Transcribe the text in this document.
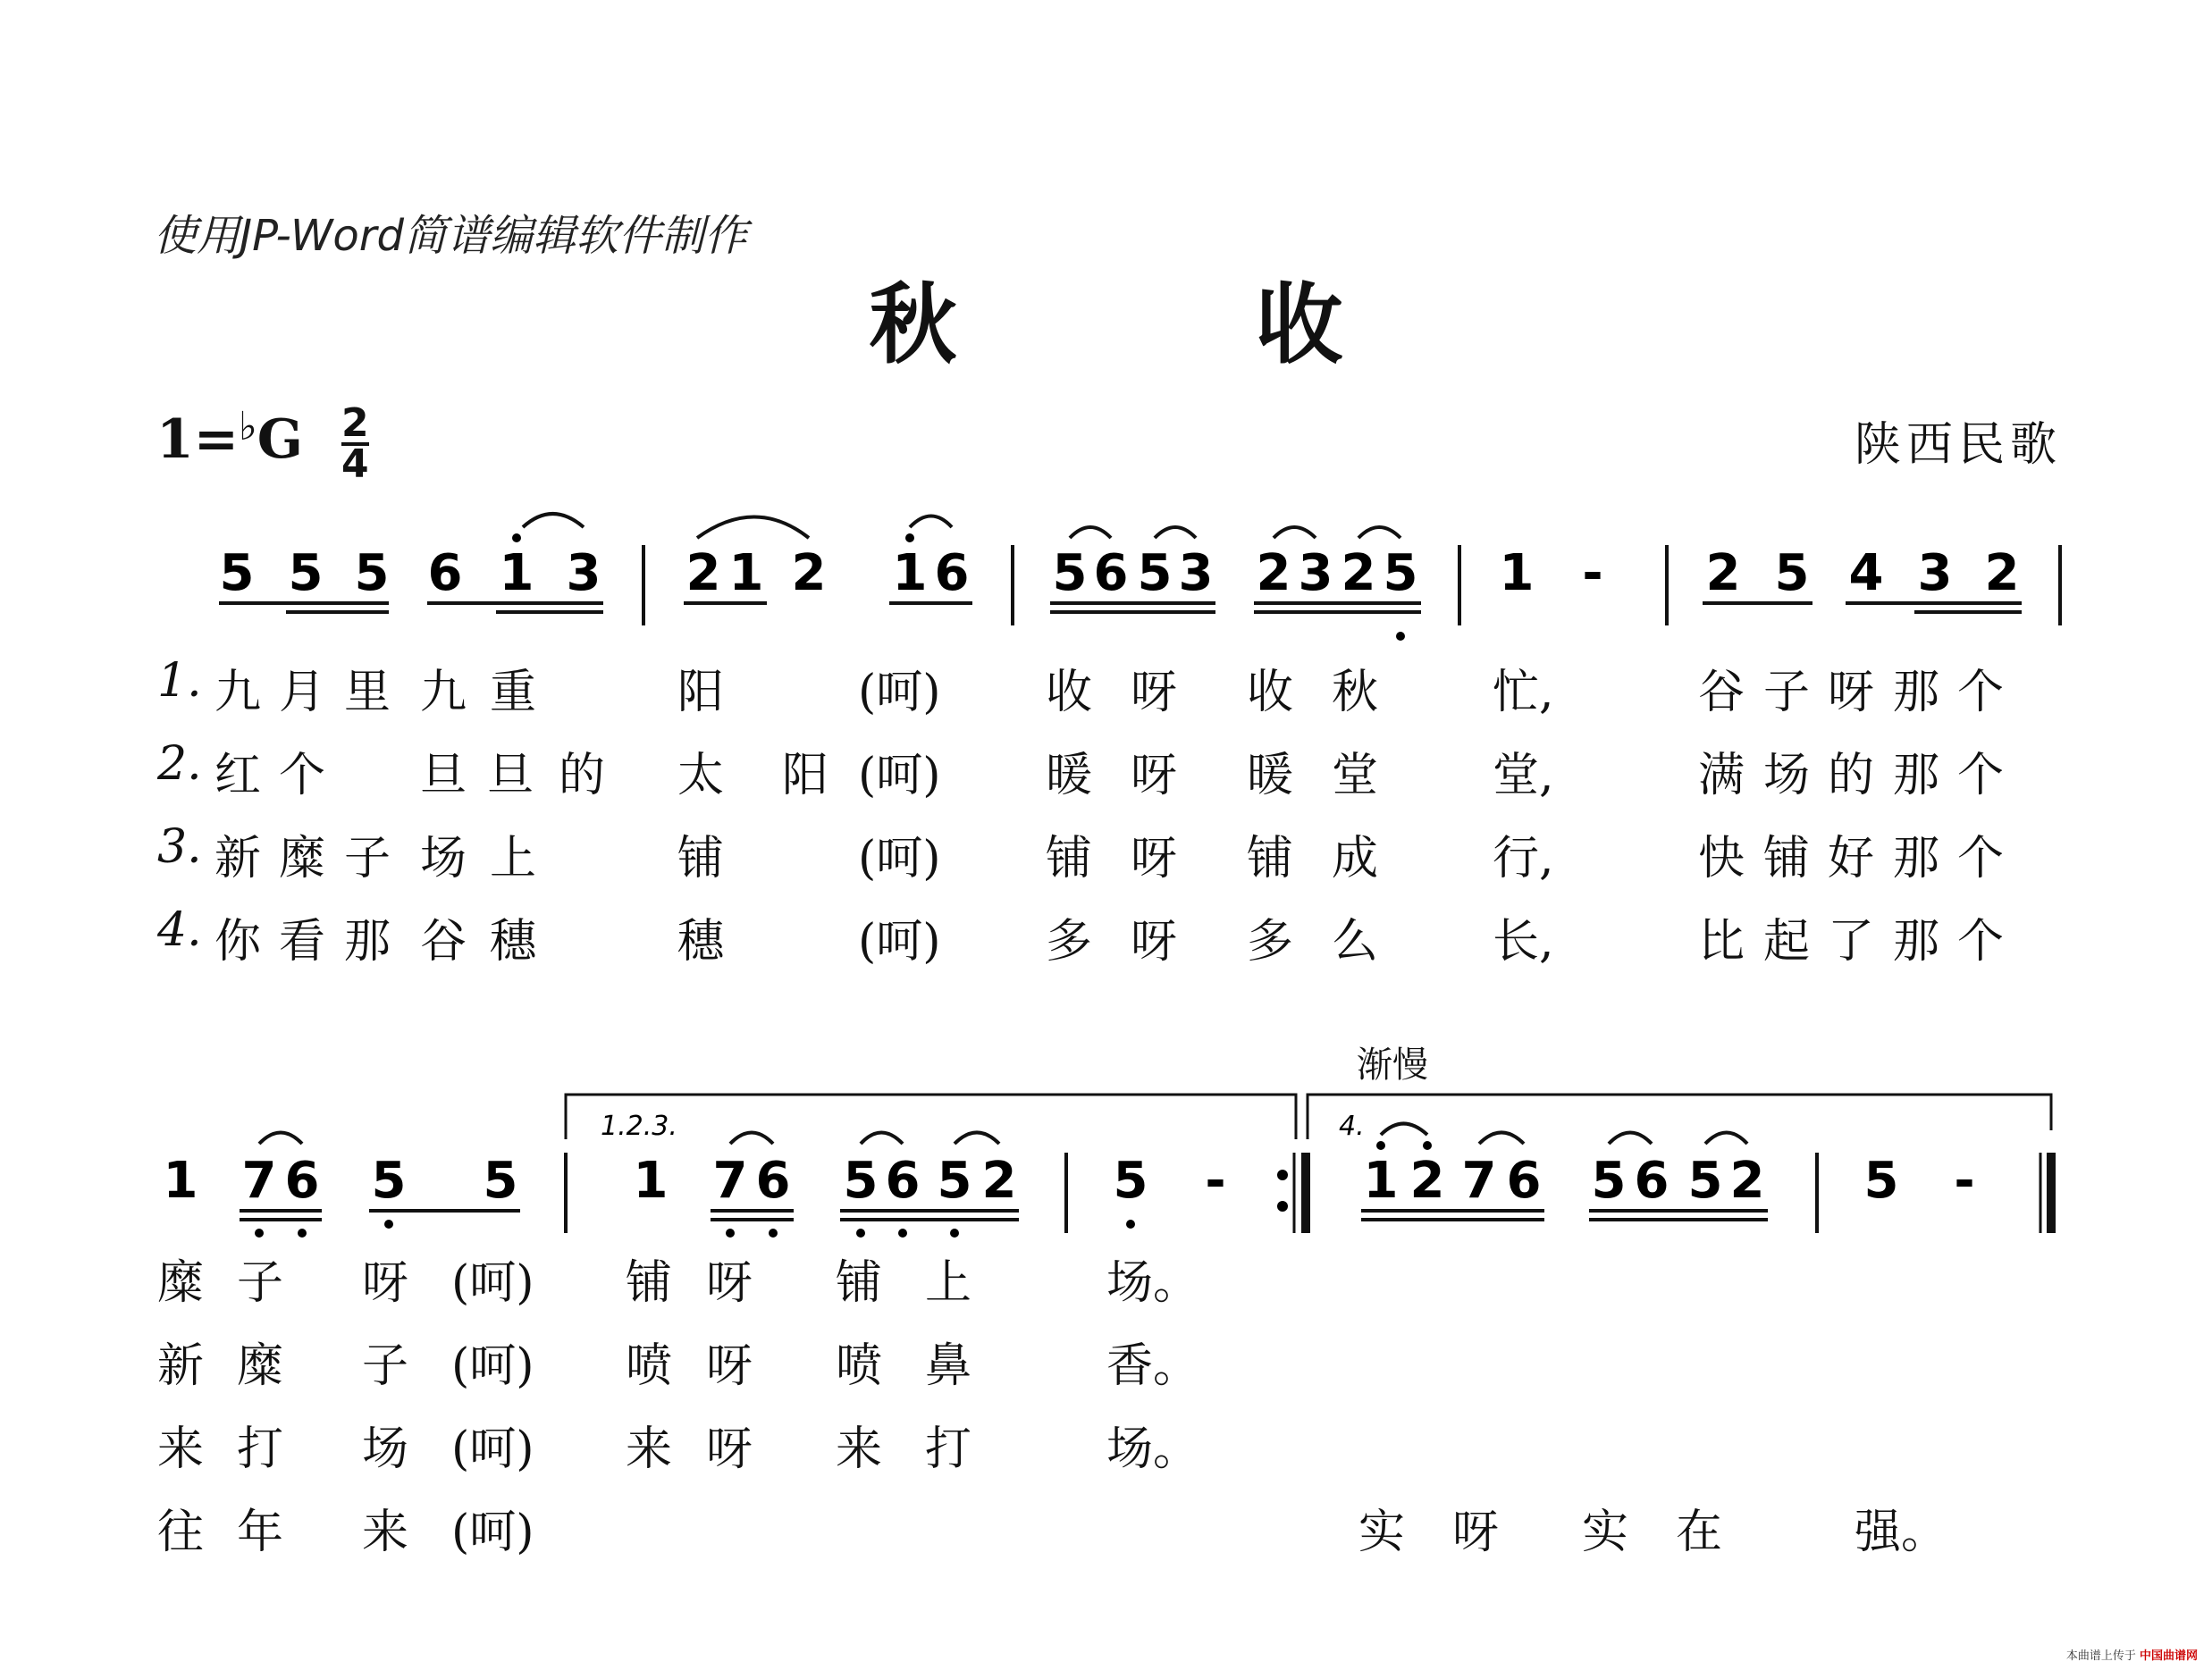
使用JP-Word简谱编辑软件制作
秋 收
$1=^♭G \frac{2}{4}$	陕西民歌
5 5 5 6 1 3 2 1 2 1 6 5 6 5 3 2 3 2 5 1 - 2 5 4 3 2
1. 九 月 里 九 重	阳	(呵) 收 呀 收 秋 忙,	谷 子 呀 那 个
2. 红 个 旦 旦 的 太 阳 (呵) 暖 呀 暖 堂 堂,	满 场 的 那 个
3. 新 糜 子 场 上	铺	(呵) 铺 呀 铺 成 行,	快 铺 好 那 个
4. 你 看 那 谷 穗	穗	(呵) 多 呀 多 么 长,	比 起 了 那 个
渐慢
1.2.3.	4.
1 7 6 5 5 1 7 6 5 6 5 2 5 -	1 2 7 6 5 6 5 2 5 -
糜 子 呀 (呵) 铺 呀 铺 上	场。
新 糜 子 (呵) 喷 呀 喷 鼻	香。
来 打 场 (呵) 来 呀 来 打	场。
往 年 来 (呵)	实 呀 实 在	强。
本曲谱上传于 中国曲谱网
